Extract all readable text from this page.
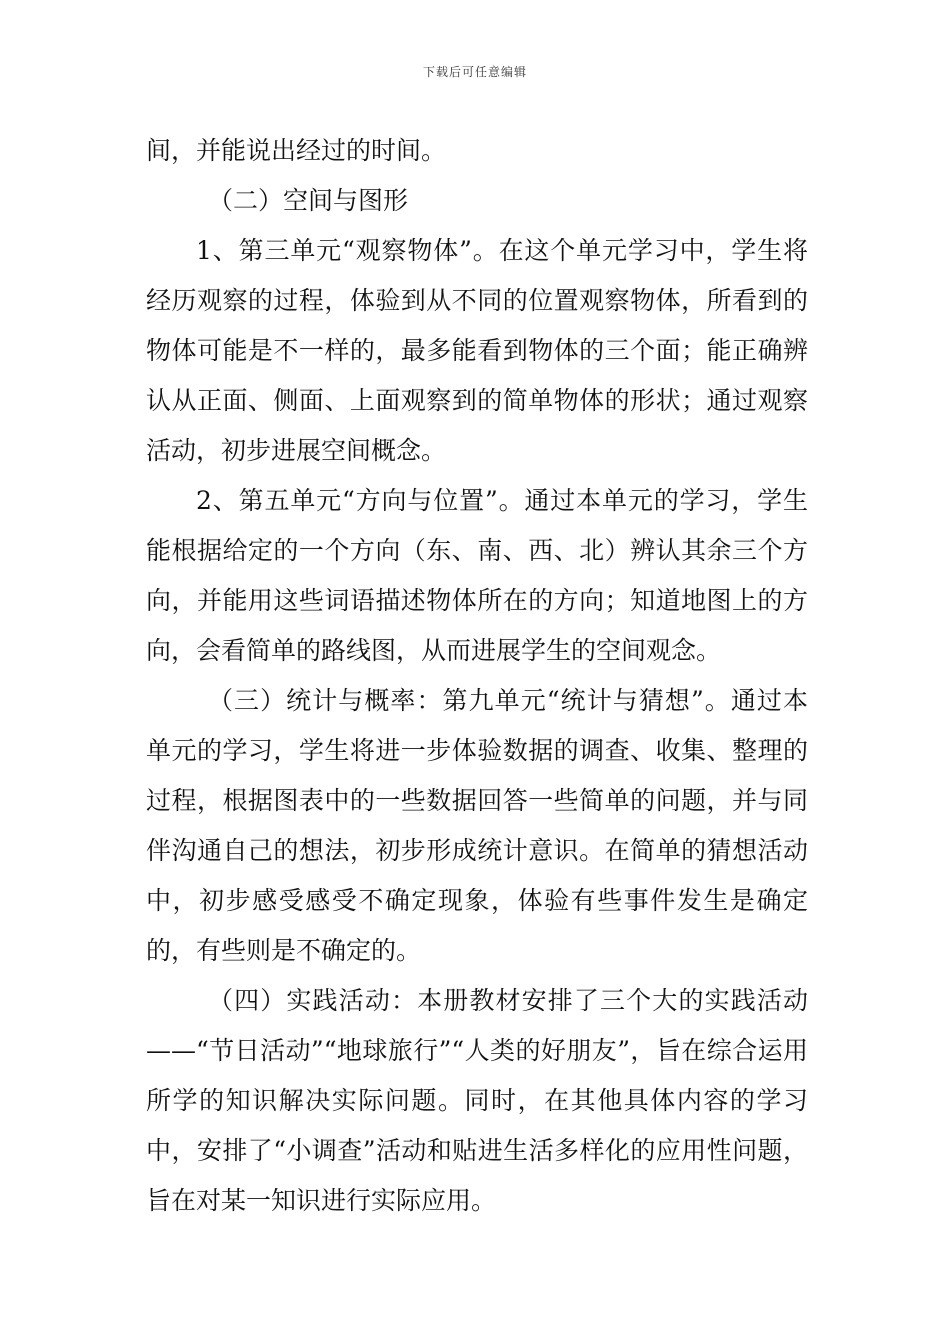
下载后可任意编辑

间，并能说出经过的时间。

（二）空间与图形

1、第三单元“观察物体”。在这个单元学习中，学生将经历观察的过程，体验到从不同的位置观察物体，所看到的物体可能是不一样的，最多能看到物体的三个面；能正确辨认从正面、侧面、上面观察到的简单物体的形状；通过观察活动，初步进展空间概念。

2、第五单元“方向与位置”。通过本单元的学习，学生能根据给定的一个方向（东、南、西、北）辨认其余三个方向，并能用这些词语描述物体所在的方向；知道地图上的方向，会看简单的路线图，从而进展学生的空间观念。

（三）统计与概率：第九单元“统计与猜想”。通过本单元的学习，学生将进一步体验数据的调查、收集、整理的过程，根据图表中的一些数据回答一些简单的问题，并与同伴沟通自己的想法，初步形成统计意识。在简单的猜想活动中，初步感受感受不确定现象，体验有些事件发生是确定的，有些则是不确定的。

（四）实践活动：本册教材安排了三个大的实践活动——“节日活动”“地球旅行”“人类的好朋友”，旨在综合运用所学的知识解决实际问题。同时，在其他具体内容的学习中，安排了“小调查”活动和贴进生活多样化的应用性问题，旨在对某一知识进行实际应用。
